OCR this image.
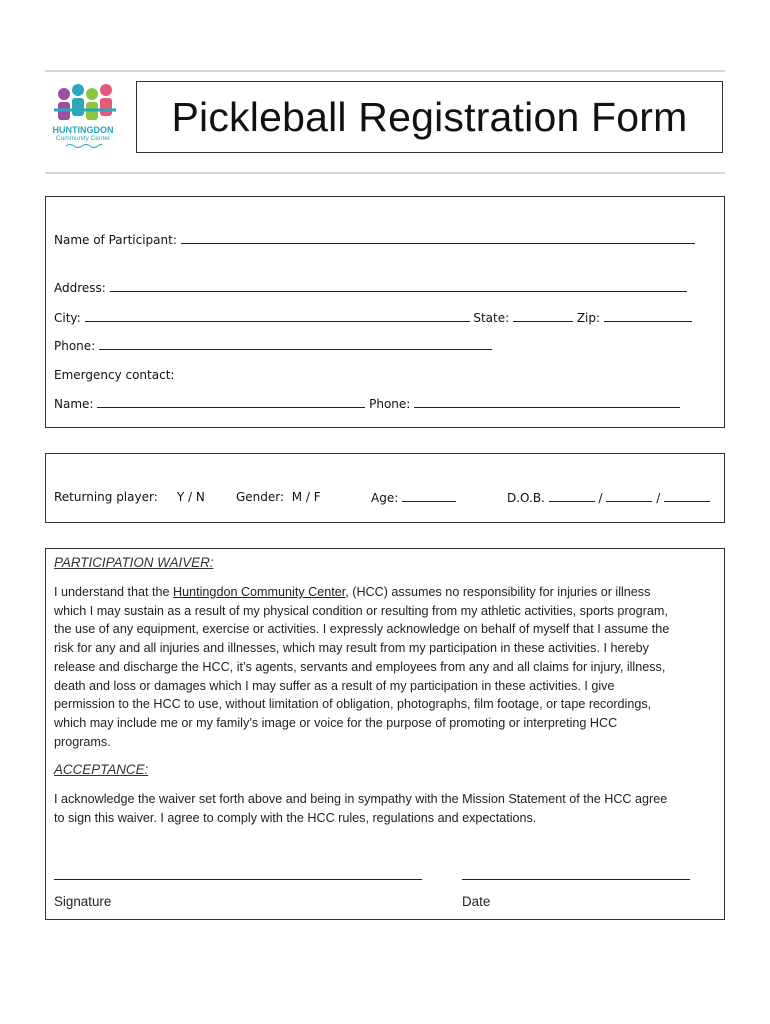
HUNTINGDON
Community Center	Pickleball Registration Form
Name of Participant:
Address:
City:	State:	Zip:
Phone:
Emergency contact:
Name:	Phone:
Returning player: Y / N	Gender: M / F	Age:	D.O.B.	/	/
PARTICIPATION WAIVER:
I understand that the Huntingdon Community Center, (HCC) assumes no responsibility for injuries or illness
which I may sustain as a result of my physical condition or resulting from my athletic activities, sports program,
the use of any equipment, exercise or activities. I expressly acknowledge on behalf of myself that I assume the
risk for any and all injuries and illnesses, which may result from my participation in these activities. I hereby
release and discharge the HCC, it’s agents, servants and employees from any and all claims for injury, illness,
death and loss or damages which I may suffer as a result of my participation in these activities. I give
permission to the HCC to use, without limitation of obligation, photographs, film footage, or tape recordings,
which may include me or my family’s image or voice for the purpose of promoting or interpreting HCC
programs.
ACCEPTANCE:
I acknowledge the waiver set forth above and being in sympathy with the Mission Statement of the HCC agree
to sign this waiver. I agree to comply with the HCC rules, regulations and expectations.
Signature	Date
